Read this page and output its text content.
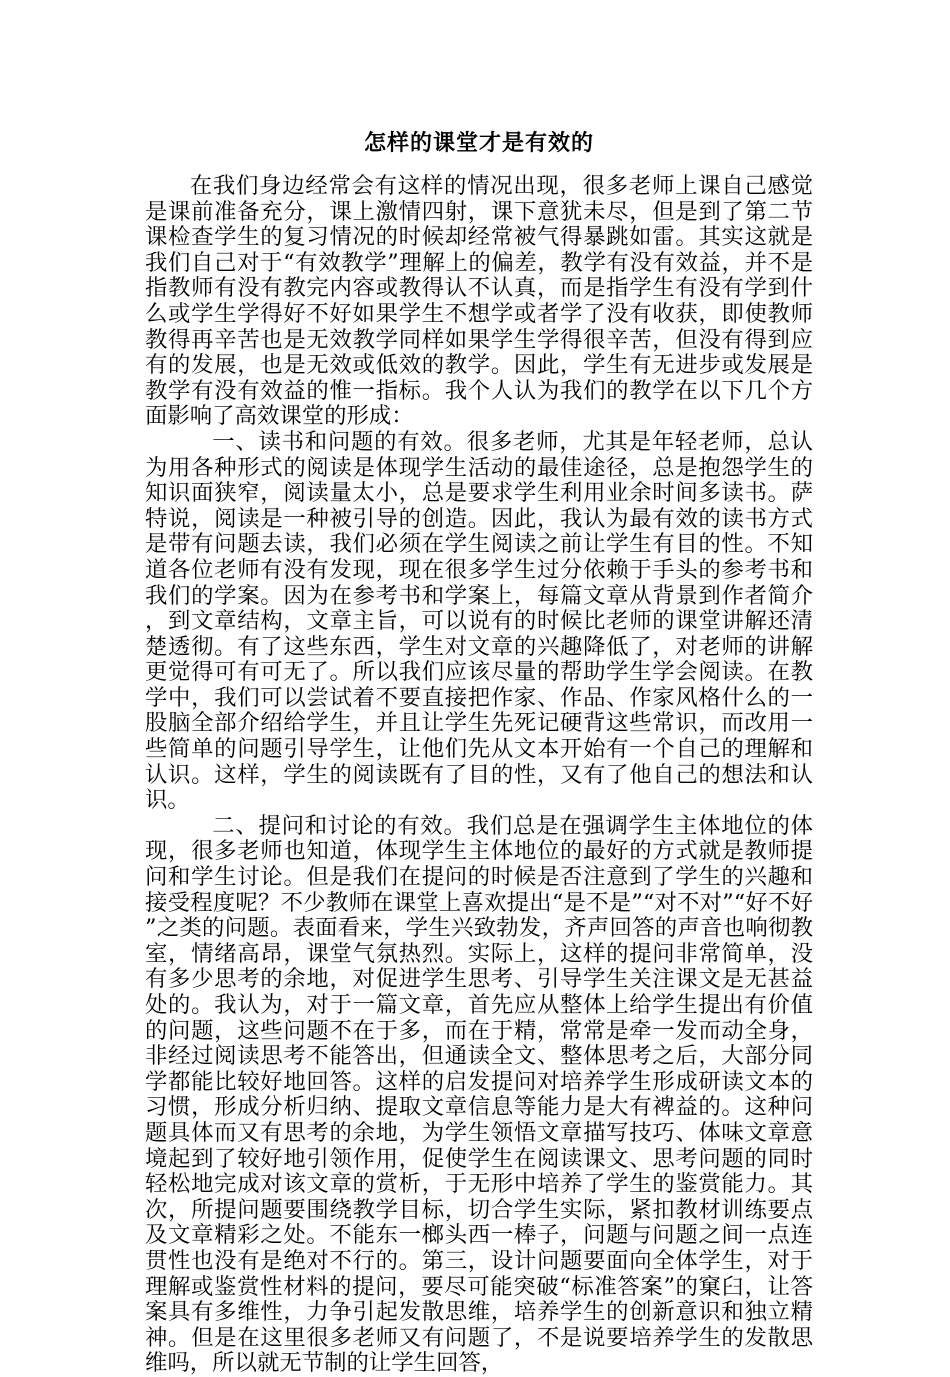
怎样的课堂才是有效的

在我们身边经常会有这样的情况出现，很多老师上课自己感觉是课前准备充分，课上激情四射，课下意犹未尽，但是到了第二节课检查学生的复习情况的时候却经常被气得暴跳如雷。其实这就是我们自己对于“有效教学”理解上的偏差，教学有没有效益，并不是指教师有没有教完内容或教得认不认真，而是指学生有没有学到什么或学生学得好不好如果学生不想学或者学了没有收获，即使教师教得再辛苦也是无效教学同样如果学生学得很辛苦，但没有得到应有的发展，也是无效或低效的教学。因此，学生有无进步或发展是教学有没有效益的惟一指标。我个人认为我们的教学在以下几个方面影响了高效课堂的形成：

一、读书和问题的有效。很多老师，尤其是年轻老师，总认为用各种形式的阅读是体现学生活动的最佳途径，总是抱怨学生的知识面狭窄，阅读量太小，总是要求学生利用业余时间多读书。萨特说，阅读是一种被引导的创造。因此，我认为最有效的读书方式是带有问题去读，我们必须在学生阅读之前让学生有目的性。不知道各位老师有没有发现，现在很多学生过分依赖于手头的参考书和我们的学案。因为在参考书和学案上，每篇文章从背景到作者简介，到文章结构，文章主旨，可以说有的时候比老师的课堂讲解还清楚透彻。有了这些东西，学生对文章的兴趣降低了，对老师的讲解更觉得可有可无了。所以我们应该尽量的帮助学生学会阅读。在教学中，我们可以尝试着不要直接把作家、作品、作家风格什么的一股脑全部介绍给学生，并且让学生先死记硬背这些常识，而改用一些简单的问题引导学生，让他们先从文本开始有一个自己的理解和认识。这样，学生的阅读既有了目的性，又有了他自己的想法和认识。

二、提问和讨论的有效。我们总是在强调学生主体地位的体现，很多老师也知道，体现学生主体地位的最好的方式就是教师提问和学生讨论。但是我们在提问的时候是否注意到了学生的兴趣和接受程度呢？不少教师在课堂上喜欢提出“是不是”“对不对”“好不好”之类的问题。表面看来，学生兴致勃发，齐声回答的声音也响彻教室，情绪高昂，课堂气氛热烈。实际上，这样的提问非常简单，没有多少思考的余地，对促进学生思考、引导学生关注课文是无甚益处的。我认为，对于一篇文章，首先应从整体上给学生提出有价值的问题，这些问题不在于多，而在于精，常常是牵一发而动全身，非经过阅读思考不能答出，但通读全文、整体思考之后，大部分同学都能比较好地回答。这样的启发提问对培养学生形成研读文本的习惯，形成分析归纳、提取文章信息等能力是大有裨益的。这种问题具体而又有思考的余地，为学生领悟文章描写技巧、体味文章意境起到了较好地引领作用，促使学生在阅读课文、思考问题的同时轻松地完成对该文章的赏析，于无形中培养了学生的鉴赏能力。其次，所提问题要围绕教学目标，切合学生实际，紧扣教材训练要点及文章精彩之处。不能东一榔头西一棒子，问题与问题之间一点连贯性也没有是绝对不行的。第三，设计问题要面向全体学生，对于理解或鉴赏性材料的提问，要尽可能突破“标准答案”的窠臼，让答案具有多维性，力争引起发散思维，培养学生的创新意识和独立精神。但是在这里很多老师又有问题了，不是说要培养学生的发散思维吗，所以就无节制的让学生回答，
